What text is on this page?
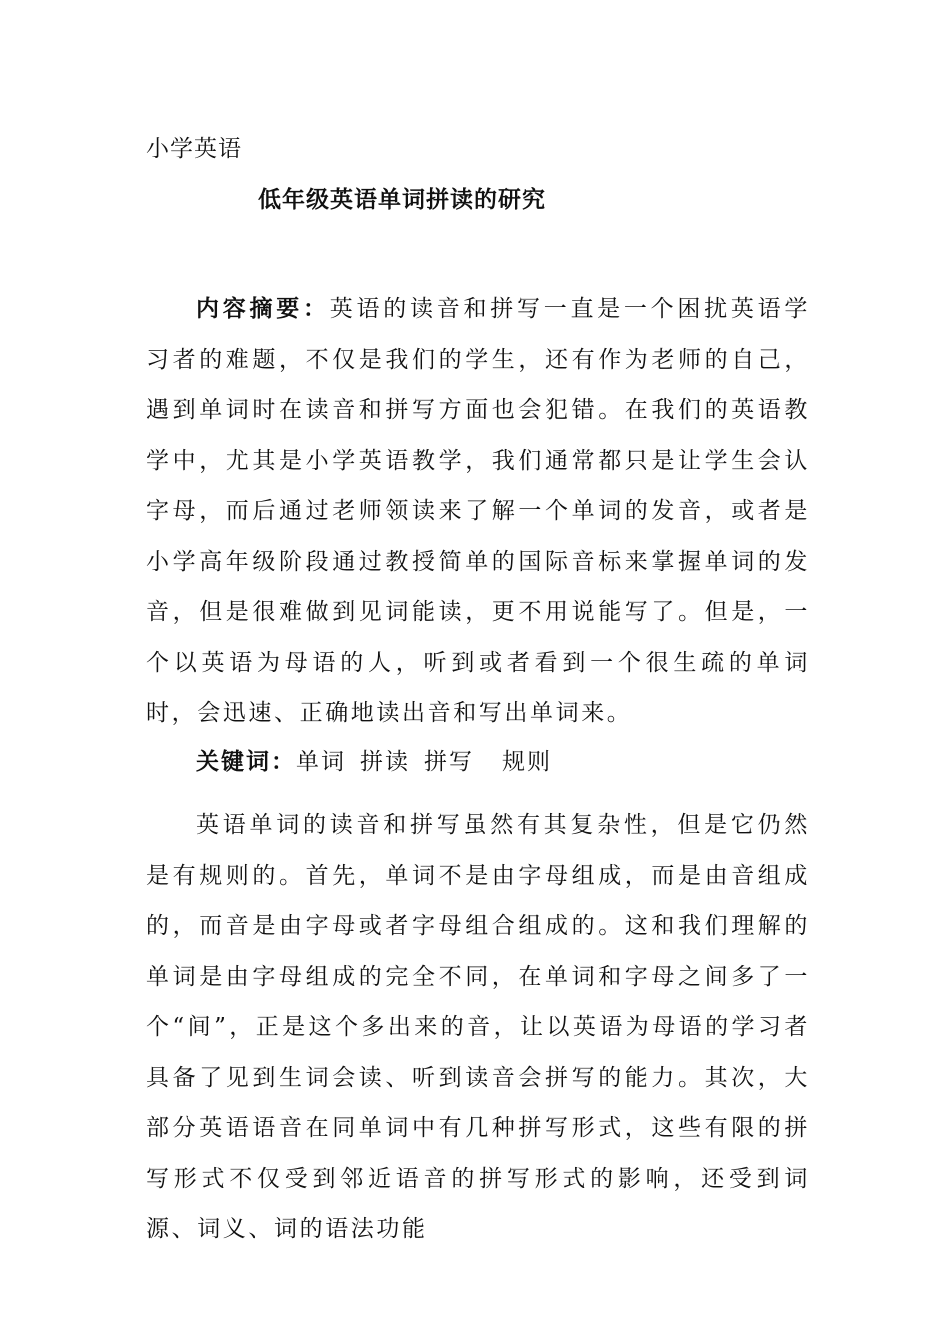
小学英语
低年级英语单词拼读的研究
内容摘要：英语的读音和拼写一直是一个困扰英语学习者的难题，不仅是我们的学生，还有作为老师的自己，遇到单词时在读音和拼写方面也会犯错。在我们的英语教学中，尤其是小学英语教学，我们通常都只是让学生会认字母，而后通过老师领读来了解一个单词的发音，或者是小学高年级阶段通过教授简单的国际音标来掌握单词的发音，但是很难做到见词能读，更不用说能写了。但是，一个以英语为母语的人，听到或者看到一个很生疏的单词时，会迅速、正确地读出音和写出单词来。
关键词：单词 拼读 拼写 规则
英语单词的读音和拼写虽然有其复杂性，但是它仍然是有规则的。首先，单词不是由字母组成，而是由音组成的，而音是由字母或者字母组合组成的。这和我们理解的单词是由字母组成的完全不同，在单词和字母之间多了一个“间”，正是这个多出来的音，让以英语为母语的学习者具备了见到生词会读、听到读音会拼写的能力。其次，大部分英语语音在同单词中有几种拼写形式，这些有限的拼写形式不仅受到邻近语音的拼写形式的影响，还受到词源、词义、词的语法功能
